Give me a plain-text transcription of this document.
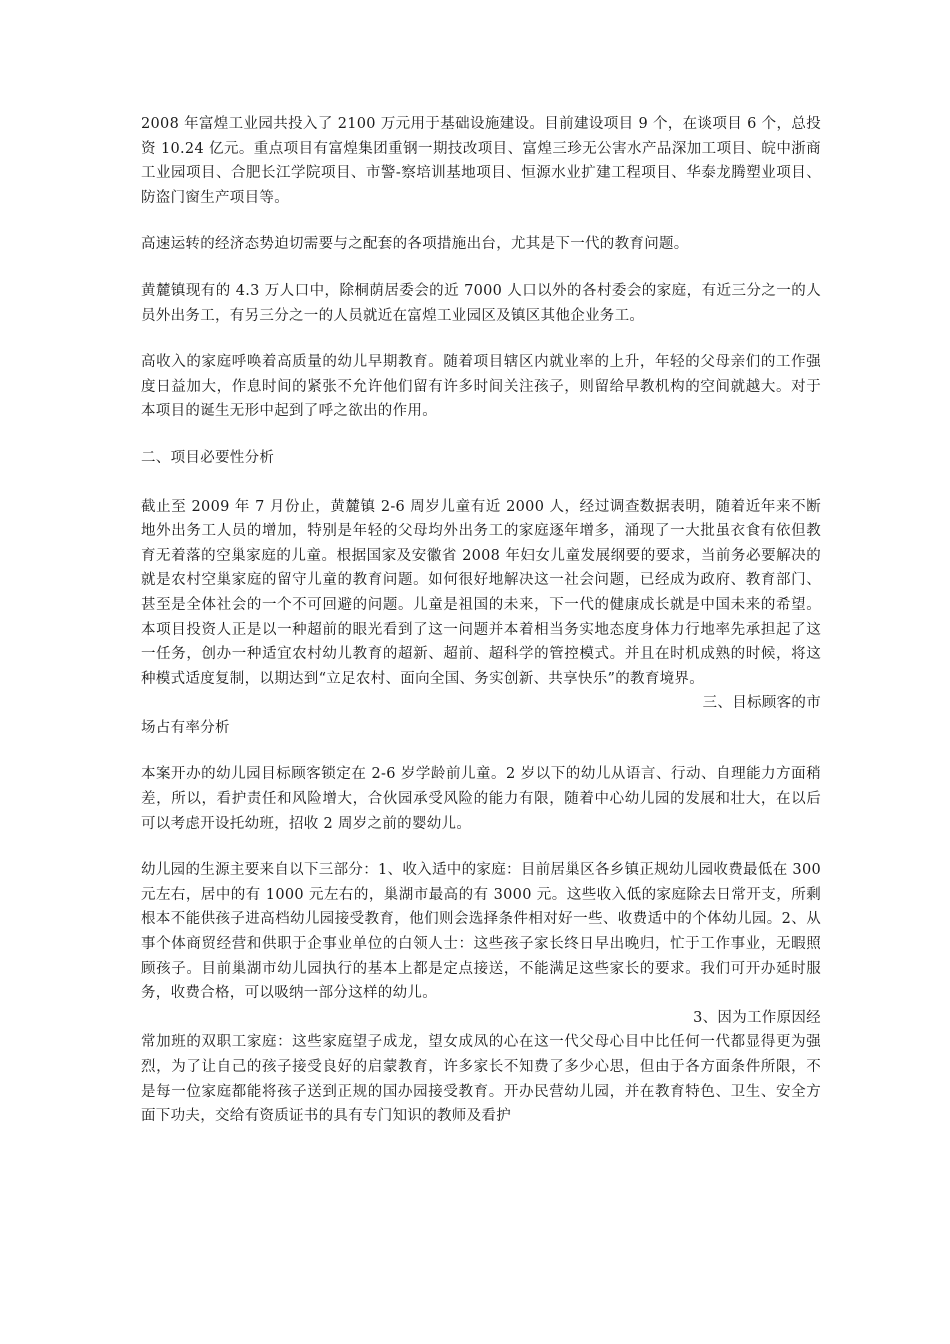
2008 年富煌工业园共投入了 2100 万元用于基础设施建设。目前建设项目 9 个，在谈项目 6 个，总投资 10.24 亿元。重点项目有富煌集团重钢一期技改项目、富煌三珍无公害水产品深加工项目、皖中浙商工业园项目、合肥长江学院项目、市警-察培训基地项目、恒源水业扩建工程项目、华泰龙腾塑业项目、防盗门窗生产项目等。

高速运转的经济态势迫切需要与之配套的各项措施出台，尤其是下一代的教育问题。

黄麓镇现有的 4.3 万人口中，除桐荫居委会的近 7000 人口以外的各村委会的家庭，有近三分之一的人员外出务工，有另三分之一的人员就近在富煌工业园区及镇区其他企业务工。

高收入的家庭呼唤着高质量的幼儿早期教育。随着项目辖区内就业率的上升，年轻的父母亲们的工作强度日益加大，作息时间的紧张不允许他们留有许多时间关注孩子，则留给早教机构的空间就越大。对于本项目的诞生无形中起到了呼之欲出的作用。

二、项目必要性分析

截止至 2009 年 7 月份止，黄麓镇 2-6 周岁儿童有近 2000 人，经过调查数据表明，随着近年来不断地外出务工人员的增加，特别是年轻的父母均外出务工的家庭逐年增多，涌现了一大批虽衣食有依但教育无着落的空巢家庭的儿童。根据国家及安徽省 2008 年妇女儿童发展纲要的要求，当前务必要解决的就是农村空巢家庭的留守儿童的教育问题。如何很好地解决这一社会问题，已经成为政府、教育部门、甚至是全体社会的一个不可回避的问题。儿童是祖国的未来，下一代的健康成长就是中国未来的希望。本项目投资人正是以一种超前的眼光看到了这一问题并本着相当务实地态度身体力行地率先承担起了这一任务，创办一种适宜农村幼儿教育的超新、超前、超科学的管控模式。并且在时机成熟的时候，将这种模式适度复制，以期达到“立足农村、面向全国、务实创新、共享快乐”的教育境界。

三、目标顾客的市

场占有率分析

本案开办的幼儿园目标顾客锁定在 2-6 岁学龄前儿童。2 岁以下的幼儿从语言、行动、自理能力方面稍差，所以，看护责任和风险增大，合伙园承受风险的能力有限，随着中心幼儿园的发展和壮大，在以后可以考虑开设托幼班，招收 2 周岁之前的婴幼儿。

幼儿园的生源主要来自以下三部分：1、收入适中的家庭：目前居巢区各乡镇正规幼儿园收费最低在 300 元左右，居中的有 1000 元左右的，巢湖市最高的有 3000 元。这些收入低的家庭除去日常开支，所剩根本不能供孩子进高档幼儿园接受教育，他们则会选择条件相对好一些、收费适中的个体幼儿园。2、从事个体商贸经营和供职于企事业单位的白领人士：这些孩子家长终日早出晚归，忙于工作事业，无暇照顾孩子。目前巢湖市幼儿园执行的基本上都是定点接送，不能满足这些家长的要求。我们可开办延时服务，收费合格，可以吸纳一部分这样的幼儿。

3、因为工作原因经

常加班的双职工家庭：这些家庭望子成龙，望女成凤的心在这一代父母心目中比任何一代都显得更为强烈，为了让自己的孩子接受良好的启蒙教育，许多家长不知费了多少心思，但由于各方面条件所限，不是每一位家庭都能将孩子送到正规的国办园接受教育。开办民营幼儿园，并在教育特色、卫生、安全方面下功夫，交给有资质证书的具有专门知识的教师及看护
